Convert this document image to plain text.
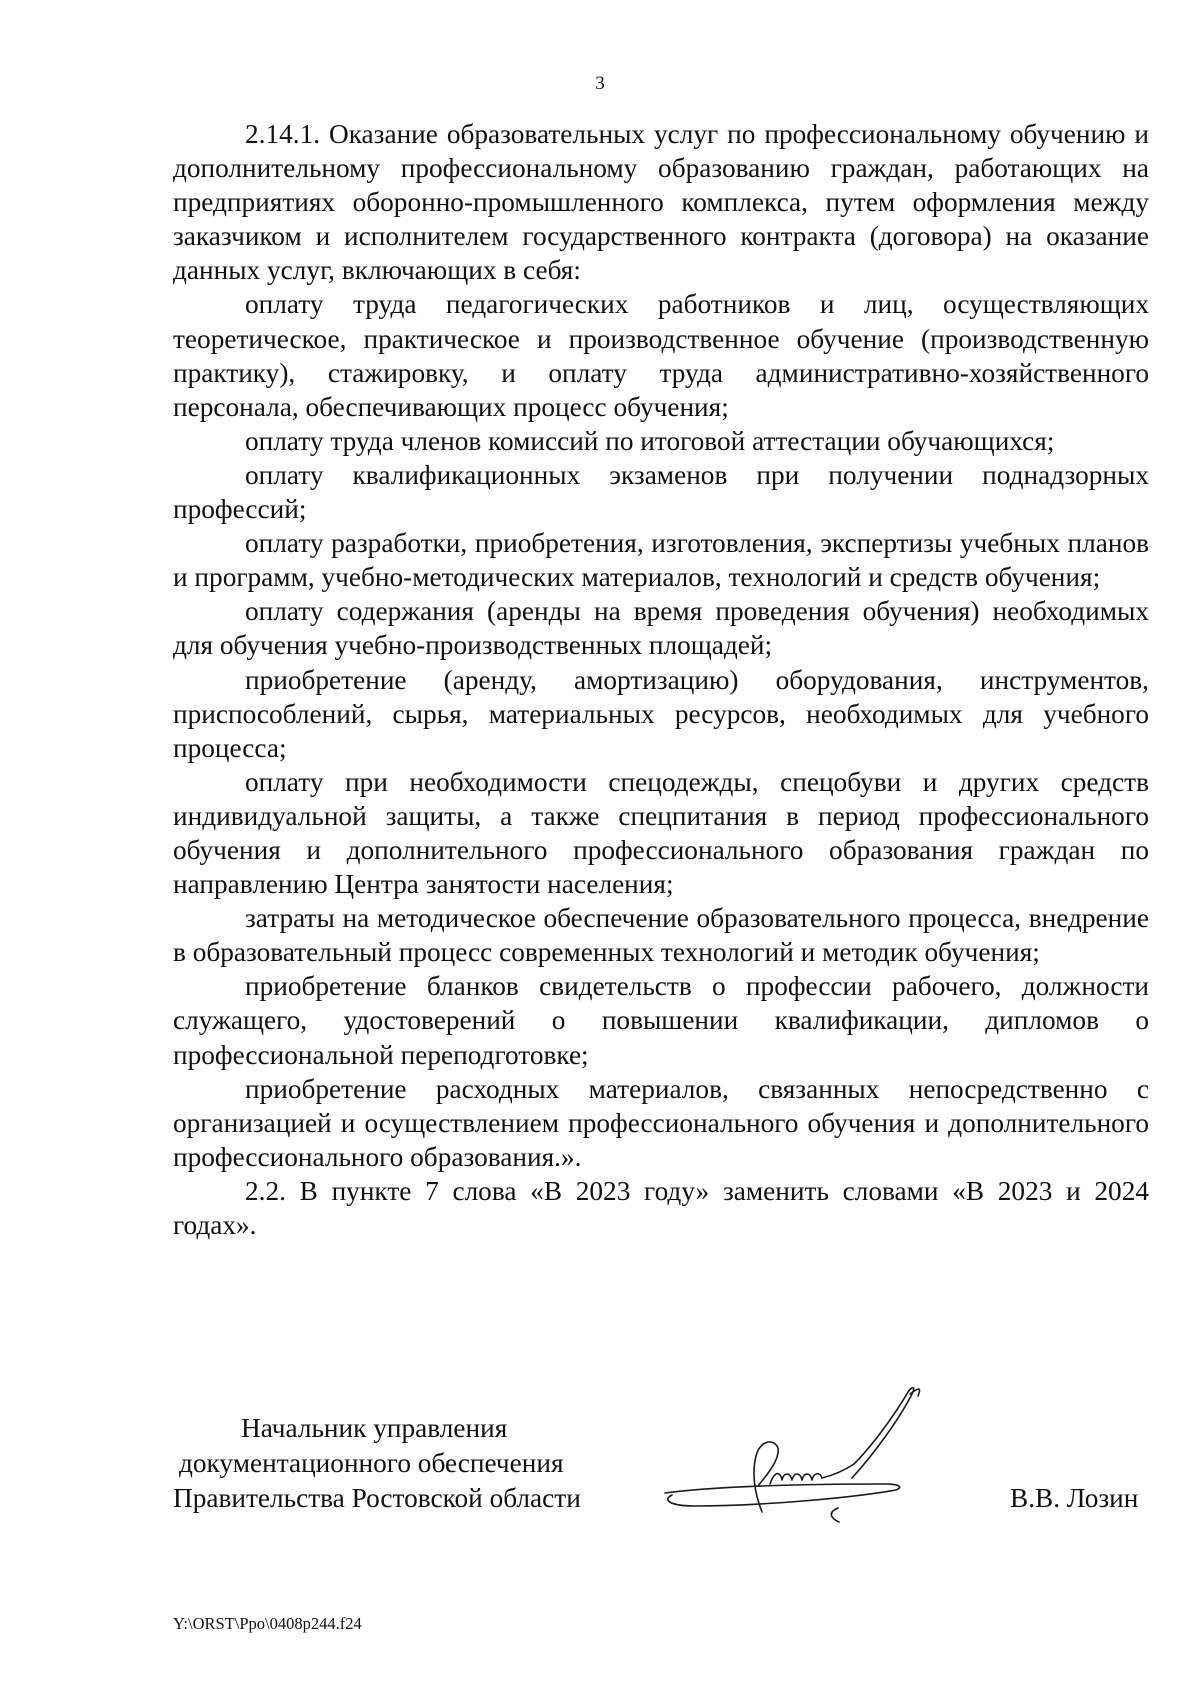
3

2.14.1. Оказание образовательных услуг по профессиональному обучению и дополнительному профессиональному образованию граждан, работающих на предприятиях оборонно-промышленного комплекса, путем оформления между заказчиком и исполнителем государственного контракта (договора) на оказание данных услуг, включающих в себя:

оплату труда педагогических работников и лиц, осуществляющих теоретическое, практическое и производственное обучение (производственную практику), стажировку, и оплату труда административно-хозяйственного персонала, обеспечивающих процесс обучения;

оплату труда членов комиссий по итоговой аттестации обучающихся;

оплату квалификационных экзаменов при получении поднадзорных профессий;

оплату разработки, приобретения, изготовления, экспертизы учебных планов и программ, учебно-методических материалов, технологий и средств обучения;

оплату содержания (аренды на время проведения обучения) необходимых для обучения учебно-производственных площадей;

приобретение (аренду, амортизацию) оборудования, инструментов, приспособлений, сырья, материальных ресурсов, необходимых для учебного процесса;

оплату при необходимости спецодежды, спецобуви и других средств индивидуальной защиты, а также спецпитания в период профессионального обучения и дополнительного профессионального образования граждан по направлению Центра занятости населения;

затраты на методическое обеспечение образовательного процесса, внедрение в образовательный процесс современных технологий и методик обучения;

приобретение бланков свидетельств о профессии рабочего, должности служащего, удостоверений о повышении квалификации, дипломов о профессиональной переподготовке;

приобретение расходных материалов, связанных непосредственно с организацией и осуществлением профессионального обучения и дополнительного профессионального образования.».

2.2. В пункте 7 слова «В 2023 году» заменить словами «В 2023 и 2024 годах».

Начальник управления
документационного обеспечения
Правительства Ростовской области	В.В. Лозин
Y:\ORST\Ppo\0408p244.f24
